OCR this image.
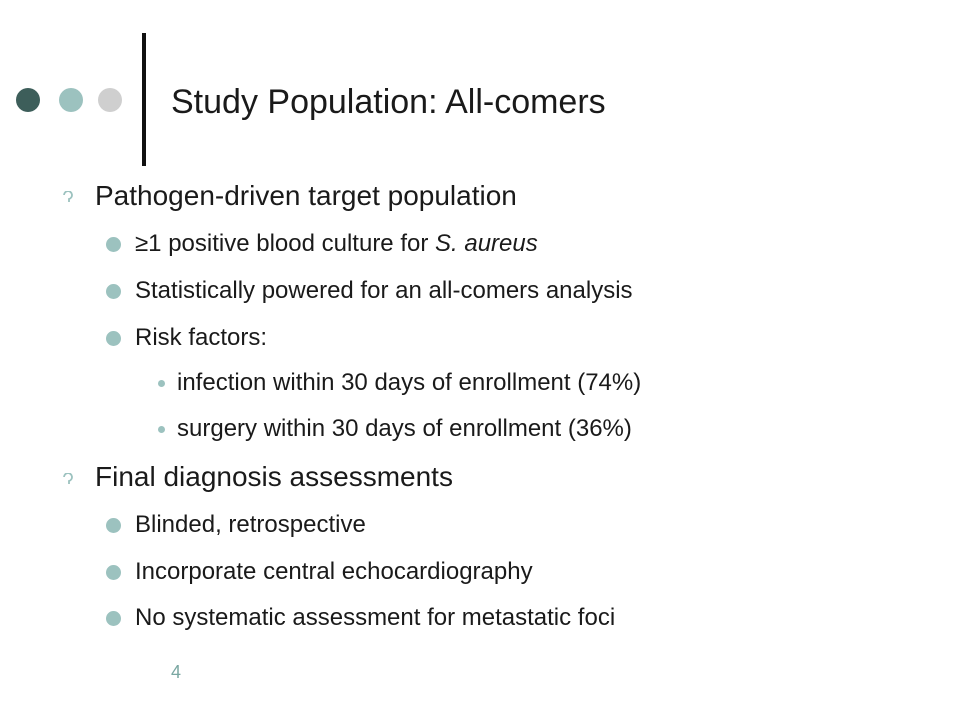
Study Population: All-comers
Pathogen-driven target population
≥1 positive blood culture for S. aureus
Statistically powered for an all-comers analysis
Risk factors:
infection within 30 days of enrollment (74%)
surgery within 30 days of enrollment (36%)
Final diagnosis assessments
Blinded, retrospective
Incorporate central echocardiography
No systematic assessment for metastatic foci
4
